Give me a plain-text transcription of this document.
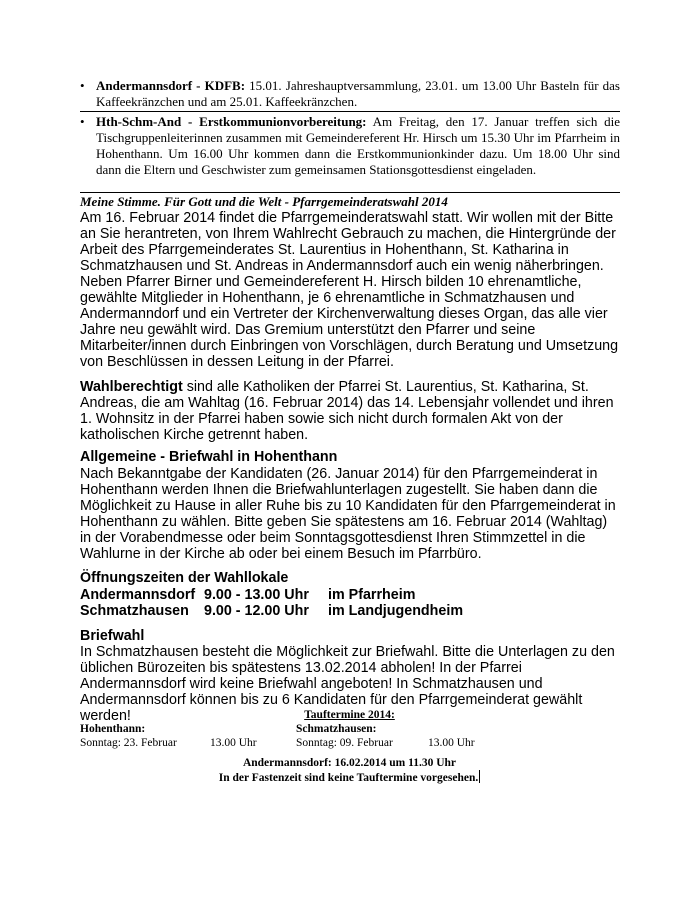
• Andermannsdorf - KDFB: 15.01. Jahreshauptversammlung, 23.01. um 13.00 Uhr Basteln für das Kaffeekränzchen und am 25.01. Kaffeekränzchen.
• Hth-Schm-And - Erstkommunionvorbereitung: Am Freitag, den 17. Januar treffen sich die Tischgruppenleiterinnen zusammen mit Gemeindereferent Hr. Hirsch um 15.30 Uhr im Pfarrheim in Hohenthann. Um 16.00 Uhr kommen dann die Erstkommunionkinder dazu. Um 18.00 Uhr sind dann die Eltern und Geschwister zum gemeinsamen Stationsgottesdienst eingeladen.
Meine Stimme. Für Gott und die Welt - Pfarrgemeinderatswahl 2014
Am 16. Februar 2014 findet die Pfarrgemeinderatswahl statt. Wir wollen mit der Bitte an Sie herantreten, von Ihrem Wahlrecht Gebrauch zu machen, die Hintergründe der Arbeit des Pfarrgemeinderates St. Laurentius in Hohenthann, St. Katharina in Schmatzhausen und St. Andreas in Andermannsdorf auch ein wenig näherbringen. Neben Pfarrer Birner und Gemeindereferent H. Hirsch bilden 10 ehrenamtliche, gewählte Mitglieder in Hohenthann, je 6 ehrenamtliche in Schmatzhausen und Andermanndorf und ein Vertreter der Kirchenverwaltung dieses Organ, das alle vier Jahre neu gewählt wird. Das Gremium unterstützt den Pfarrer und seine Mitarbeiter/innen durch Einbringen von Vorschlägen, durch Beratung und Umsetzung von Beschlüssen in dessen Leitung in der Pfarrei.
Wahlberechtigt sind alle Katholiken der Pfarrei St. Laurentius, St. Katharina, St. Andreas, die am Wahltag (16. Februar 2014) das 14. Lebensjahr vollendet und ihren 1. Wohnsitz in der Pfarrei haben sowie sich nicht durch formalen Akt von der katholischen Kirche getrennt haben.
Allgemeine - Briefwahl in Hohenthann
Nach Bekanntgabe der Kandidaten (26. Januar 2014) für den Pfarrgemeinderat in Hohenthann werden Ihnen die Briefwahlunterlagen zugestellt. Sie haben dann die Möglichkeit zu Hause in aller Ruhe bis zu 10 Kandidaten für den Pfarrgemeinderat in Hohenthann zu wählen. Bitte geben Sie spätestens am 16. Februar 2014 (Wahltag) in der Vorabendmesse oder beim Sonntagsgottesdienst Ihren Stimmzettel in die Wahlurne in der Kirche ab oder bei einem Besuch im Pfarrbüro.
Öffnungszeiten der Wahllokale
Andermannsdorf 9.00 - 13.00 Uhr im Pfarrheim
Schmatzhausen 9.00 - 12.00 Uhr im Landjugendheim
Briefwahl
In Schmatzhausen besteht die Möglichkeit zur Briefwahl. Bitte die Unterlagen zu den üblichen Bürozeiten bis spätestens 13.02.2014 abholen! In der Pfarrei Andermannsdorf wird keine Briefwahl angeboten! In Schmatzhausen und Andermannsdorf können bis zu 6 Kandidaten für den Pfarrgemeinderat gewählt werden!	Tauftermine 2014:
Hohenthann:
Sonntag: 23. Februar	13.00 Uhr
Schmatzhausen:
Sonntag: 09. Februar	13.00 Uhr
Andermannsdorf: 16.02.2014 um 11.30 Uhr
In der Fastenzeit sind keine Tauftermine vorgesehen.
